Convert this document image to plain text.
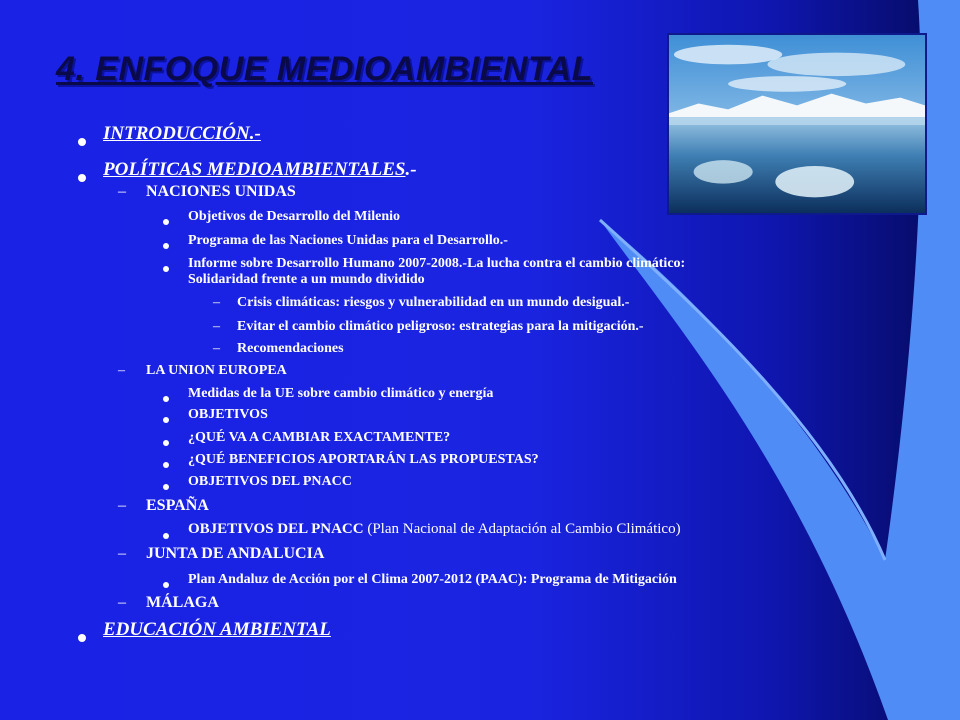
4. ENFOQUE MEDIOAMBIENTAL
INTRODUCCIÓN.-
POLÍTICAS MEDIOAMBIENTALES.-
– NACIONES UNIDAS
Objetivos de Desarrollo del Milenio
Programa de las Naciones Unidas para el Desarrollo.-
Informe sobre Desarrollo Humano 2007-2008.-La lucha contra el cambio climático:
Solidaridad frente a un mundo dividido
– Crisis climáticas: riesgos y vulnerabilidad en un mundo desigual.-
– Evitar el cambio climático peligroso: estrategias para la mitigación.-
– Recomendaciones
– LA UNION EUROPEA
Medidas de la UE sobre cambio climático y energía
OBJETIVOS
¿QUÉ VA A CAMBIAR EXACTAMENTE?
¿QUÉ BENEFICIOS APORTARÁN LAS PROPUESTAS?
OBJETIVOS DEL PNACC
– ESPAÑA
OBJETIVOS DEL PNACC (Plan Nacional de Adaptación al Cambio Climático)
– JUNTA DE ANDALUCIA
Plan Andaluz de Acción por el Clima 2007-2012 (PAAC): Programa de Mitigación
– MÁLAGA
EDUCACIÓN AMBIENTAL
